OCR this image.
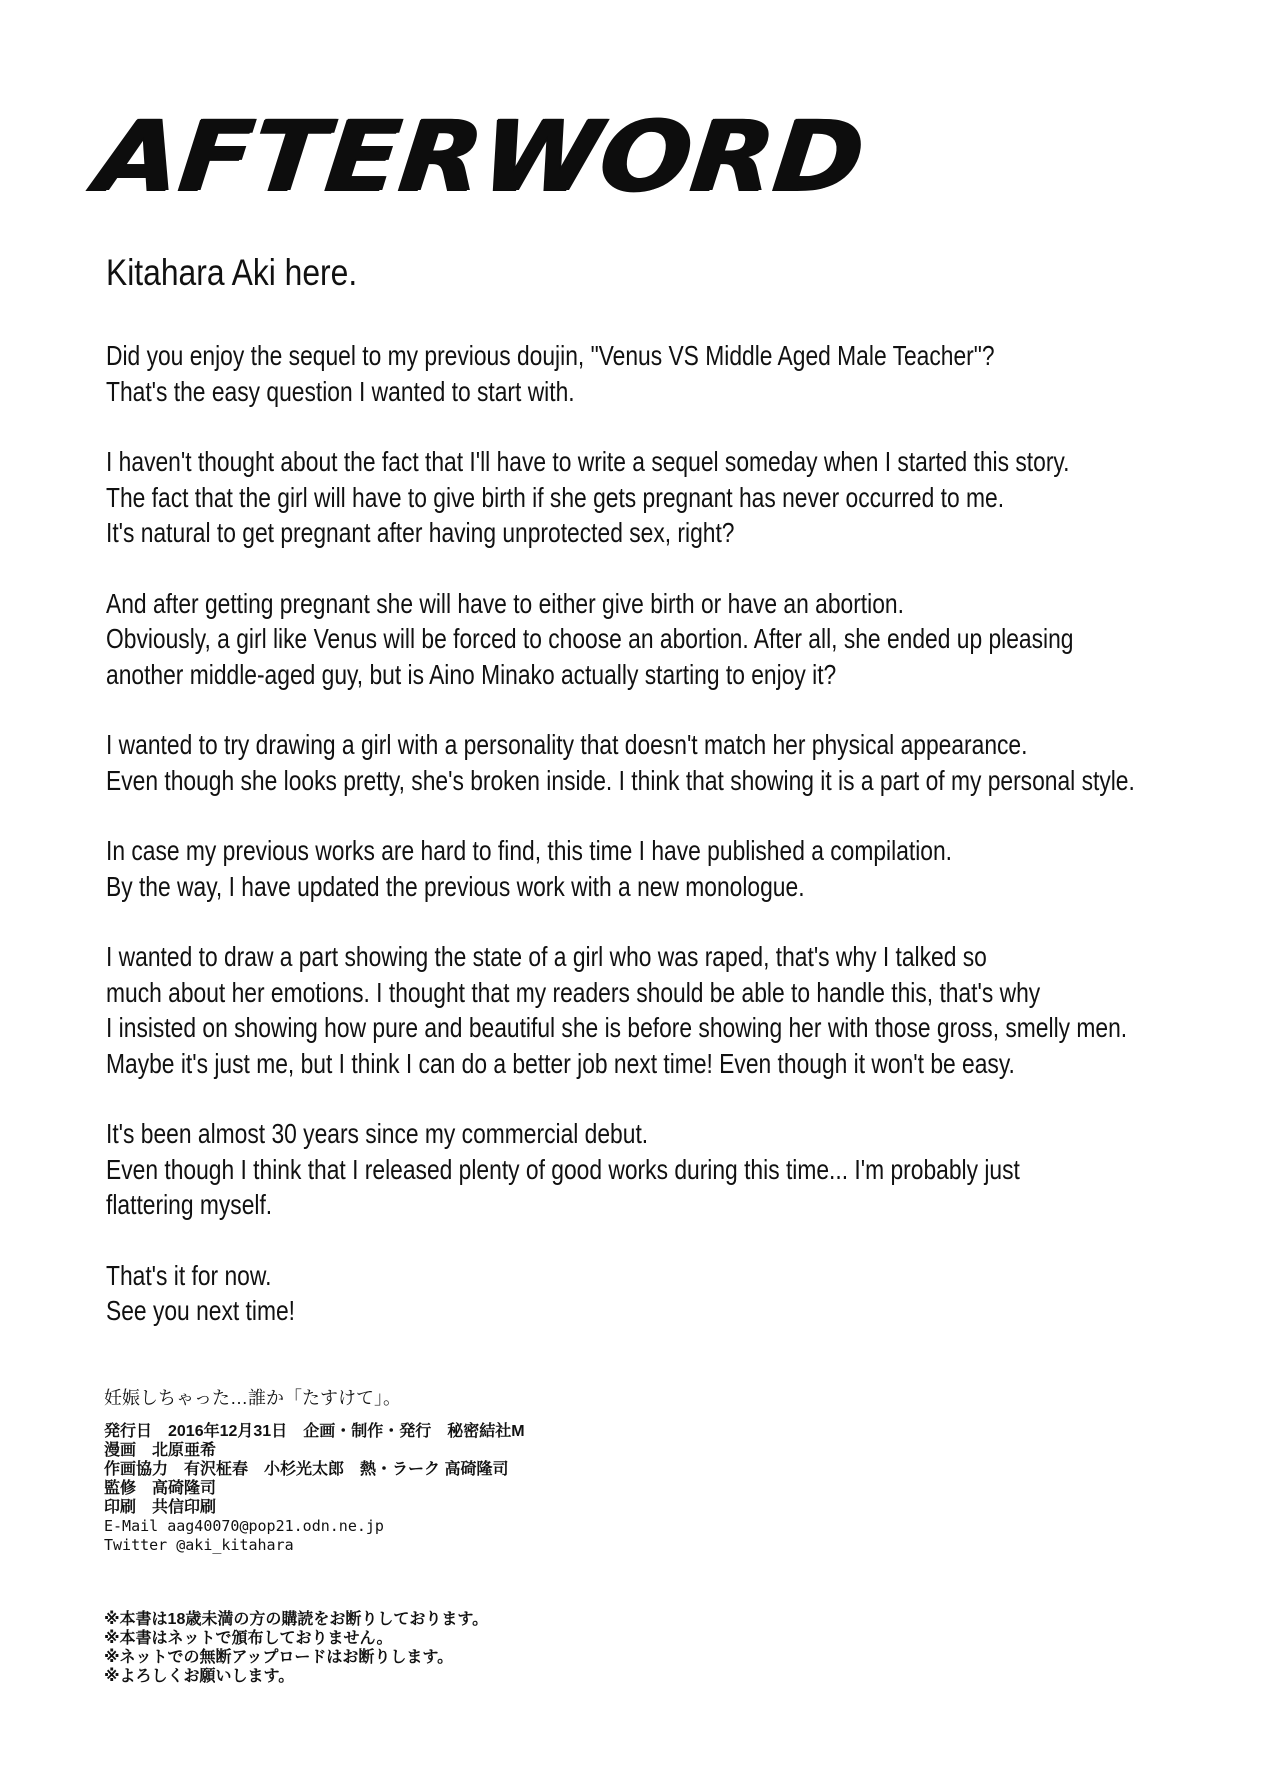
AFTERWORD
Kitahara Aki here.
Did you enjoy the sequel to my previous doujin, "Venus VS Middle Aged Male Teacher"?
That's the easy question I wanted to start with.
I haven't thought about the fact that I'll have to write a sequel someday when I started this story.
The fact that the girl will have to give birth if she gets pregnant has never occurred to me.
It's natural to get pregnant after having unprotected sex, right?
And after getting pregnant she will have to either give birth or have an abortion.
Obviously, a girl like Venus will be forced to choose an abortion. After all, she ended up pleasing
another middle-aged guy, but is Aino Minako actually starting to enjoy it?
I wanted to try drawing a girl with a personality that doesn't match her physical appearance.
Even though she looks pretty, she's broken inside. I think that showing it is a part of my personal style.
In case my previous works are hard to find, this time I have published a compilation.
By the way, I have updated the previous work with a new monologue.
I wanted to draw a part showing the state of a girl who was raped, that's why I talked so
much about her emotions. I thought that my readers should be able to handle this, that's why
I insisted on showing how pure and beautiful she is before showing her with those gross, smelly men.
Maybe it's just me, but I think I can do a better job next time! Even though it won't be easy.
It's been almost 30 years since my commercial debut.
Even though I think that I released plenty of good works during this time... I'm probably just
flattering myself.
That's it for now.
See you next time!
妊娠しちゃった…誰か「たすけて」。
発行日　2016年12月31日　企画・制作・発行　秘密結社M
漫画　北原亜希
作画協力　有沢柾春　小杉光太郎　熱・ラーク 高碕隆司
監修　高碕隆司
印刷　共信印刷
E-Mail aag40070@pop21.odn.ne.jp
Twitter @aki_kitahara
※本書は18歳未満の方の購読をお断りしております。
※本書はネットで頒布しておりません。
※ネットでの無断アップロードはお断りします。
※よろしくお願いします。
